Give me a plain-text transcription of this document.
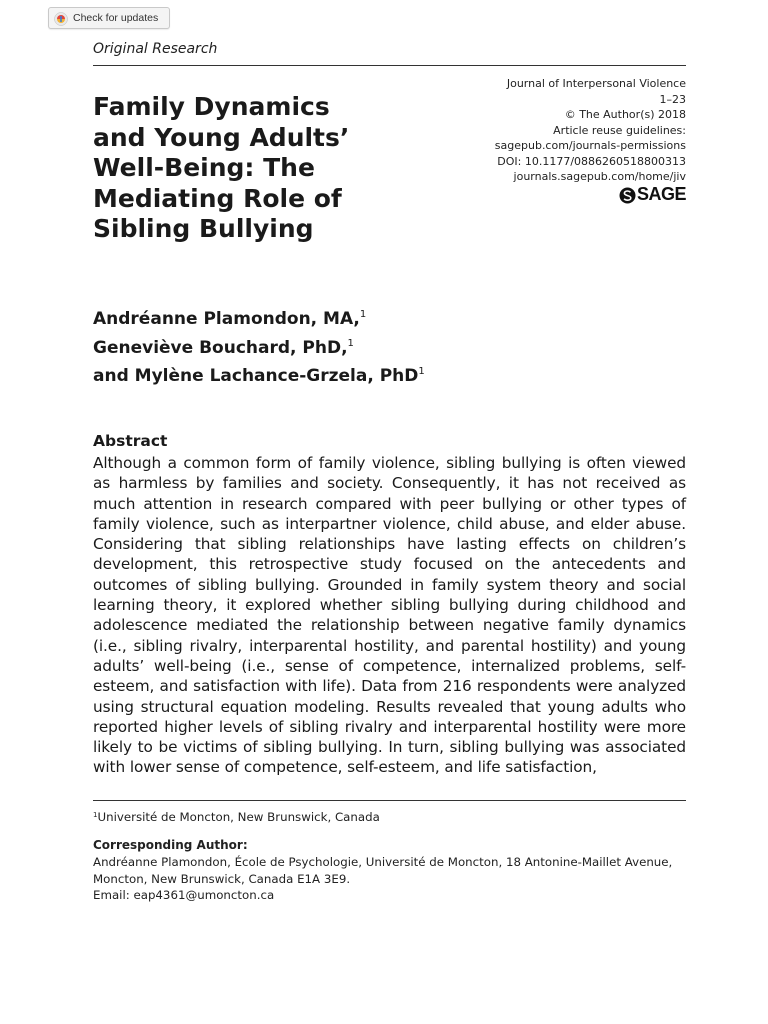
Check for updates
Original Research
Journal of Interpersonal Violence
1–23
© The Author(s) 2018
Article reuse guidelines:
sagepub.com/journals-permissions
DOI: 10.1177/0886260518800313
journals.sagepub.com/home/jiv
SAGE
Family Dynamics
and Young Adults’
Well-Being: The
Mediating Role of
Sibling Bullying
Andréanne Plamondon, MA,$^1$
Geneviève Bouchard, PhD,$^1$
and Mylène Lachance-Grzela, PhD$^1$
Abstract
Although a common form of family violence, sibling bullying is often viewed as harmless by families and society. Consequently, it has not received as much attention in research compared with peer bullying or other types of family violence, such as interpartner violence, child abuse, and elder abuse. Considering that sibling relationships have lasting effects on children’s development, this retrospective study focused on the antecedents and outcomes of sibling bullying. Grounded in family system theory and social learning theory, it explored whether sibling bullying during childhood and adolescence mediated the relationship between negative family dynamics (i.e., sibling rivalry, interparental hostility, and parental hostility) and young adults’ well-being (i.e., sense of competence, internalized problems, self-esteem, and satisfaction with life). Data from 216 respondents were analyzed using structural equation modeling. Results revealed that young adults who reported higher levels of sibling rivalry and interparental hostility were more likely to be victims of sibling bullying. In turn, sibling bullying was associated with lower sense of competence, self-esteem, and life satisfaction,
$^1$Université de Moncton, New Brunswick, Canada
Corresponding Author:
Andréanne Plamondon, École de Psychologie, Université de Moncton, 18 Antonine-Maillet Avenue, Moncton, New Brunswick, Canada E1A 3E9.
Email: eap4361@umoncton.ca
